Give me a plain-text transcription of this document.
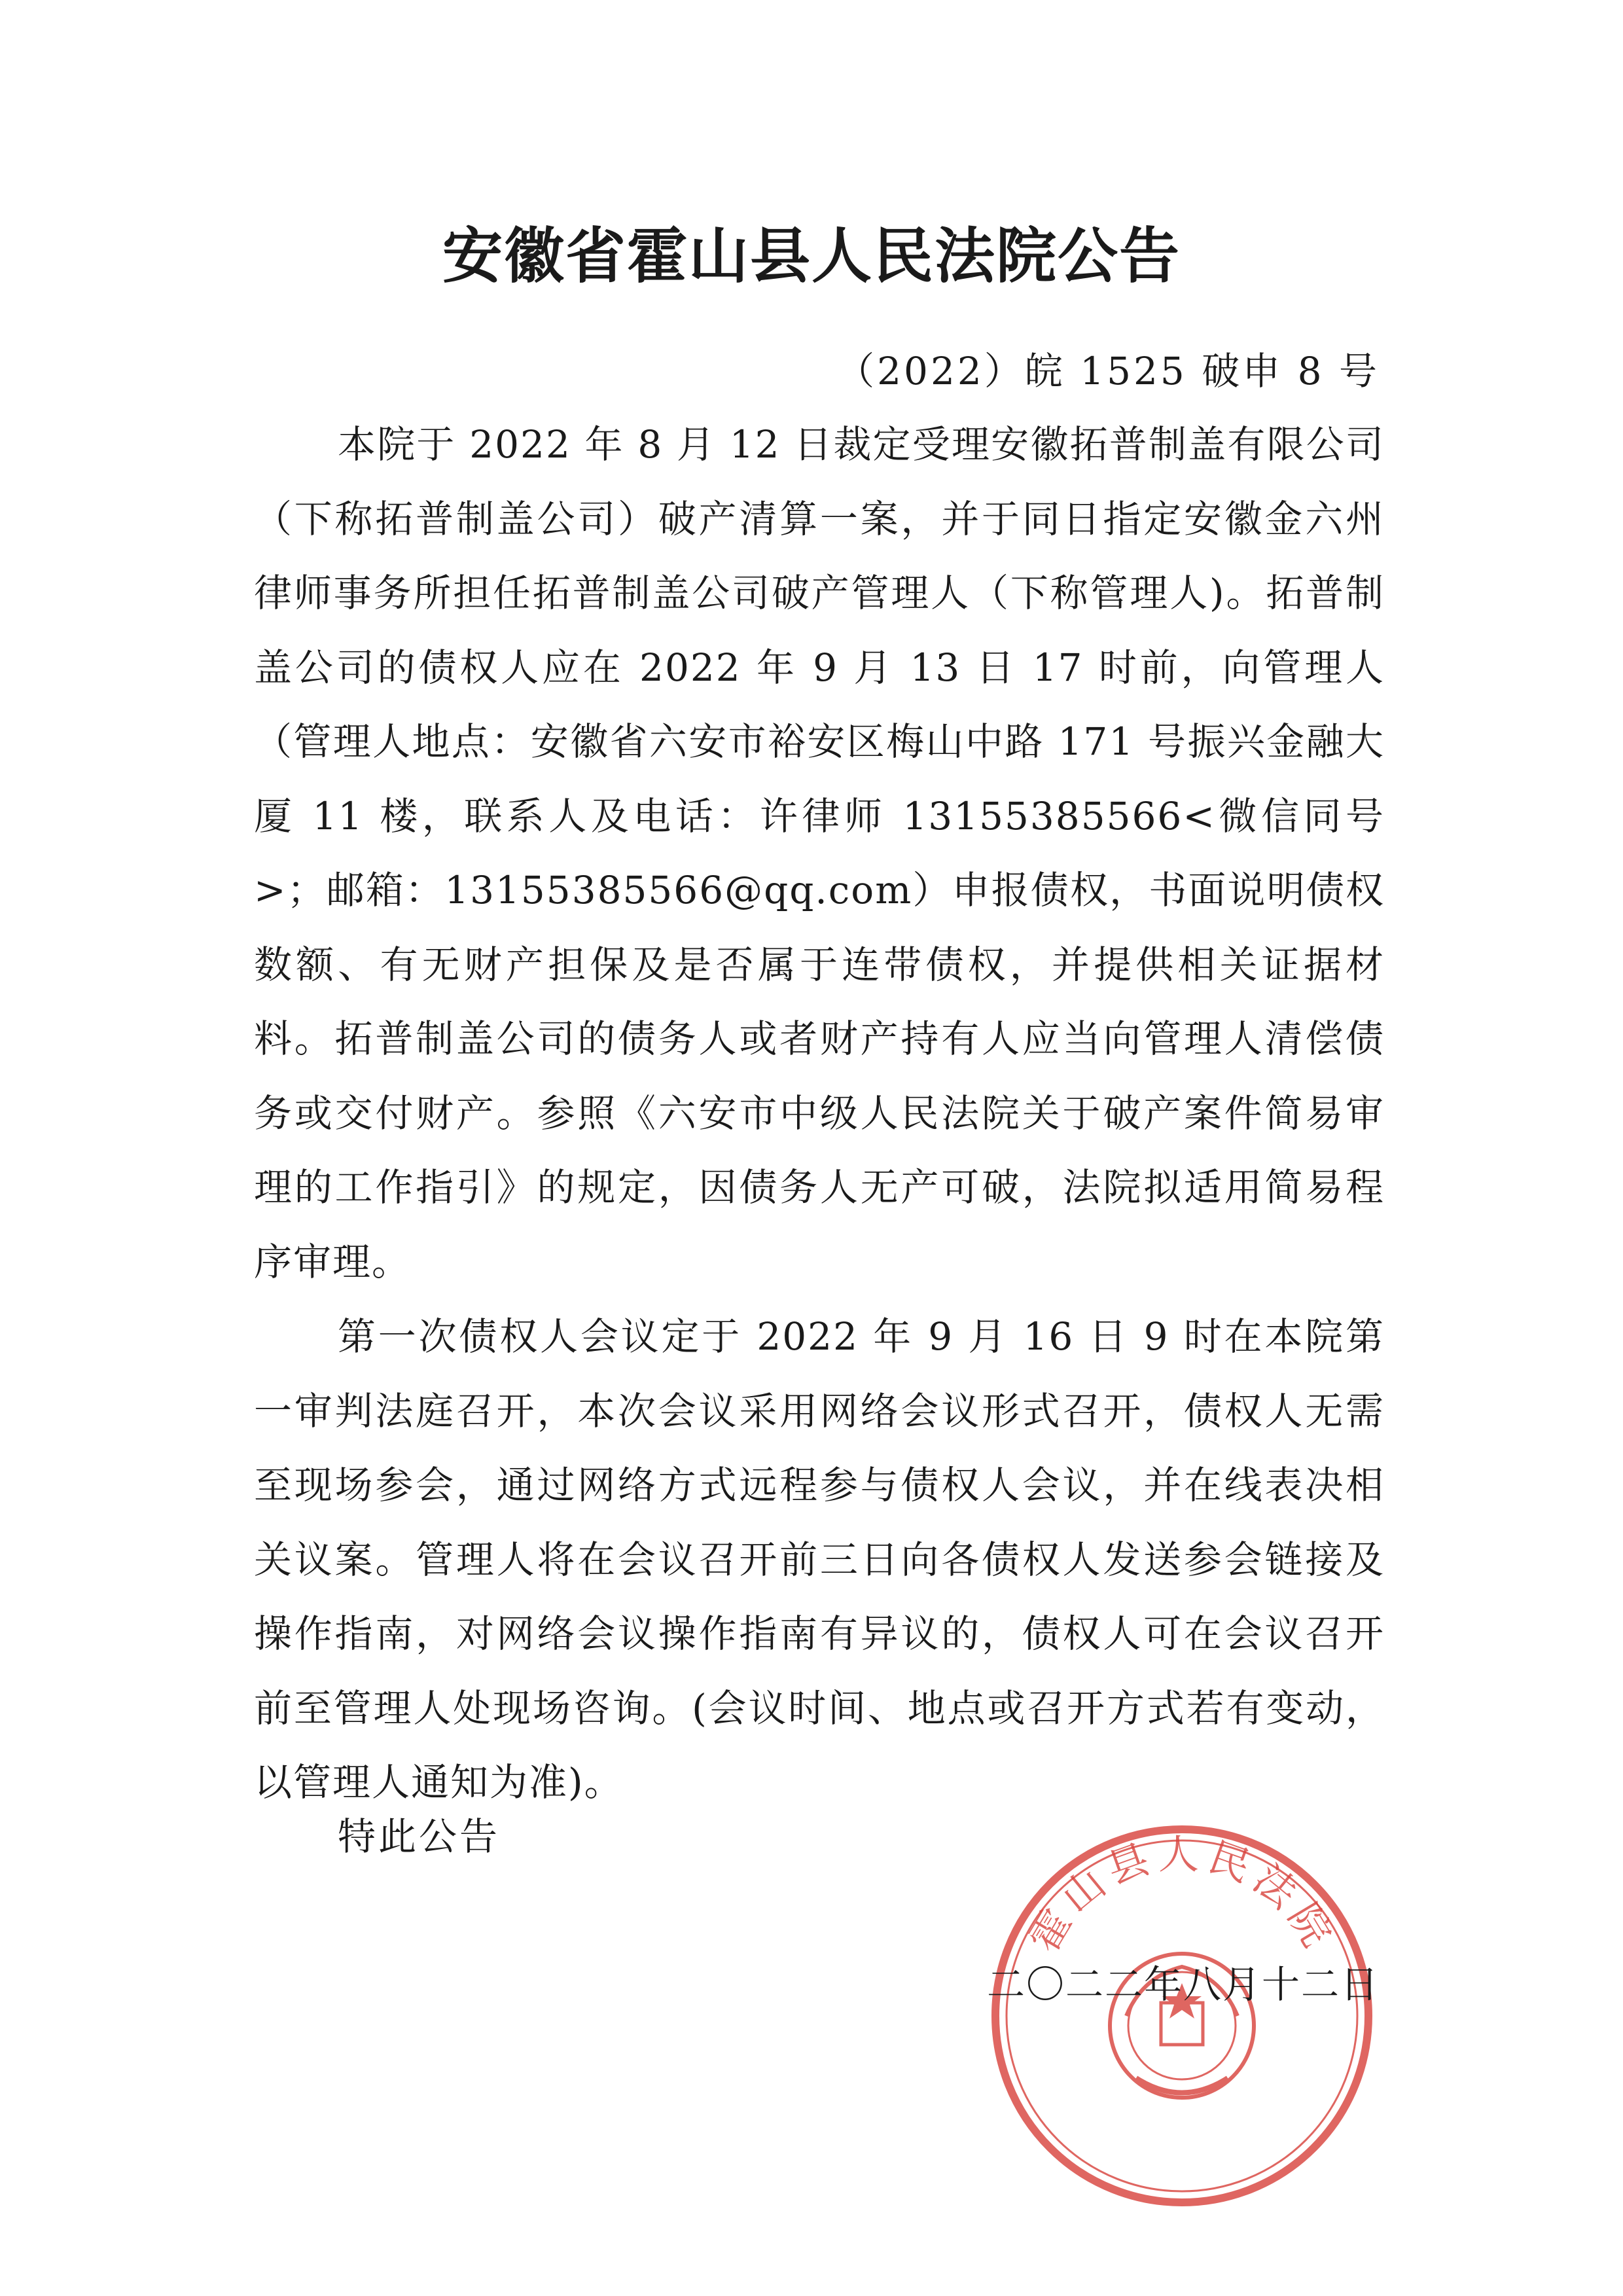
安徽省霍山县人民法院公告

（2022）皖 1525 破申 8 号

本院于 2022 年 8 月 12 日裁定受理安徽拓普制盖有限公司（下称拓普制盖公司）破产清算一案，并于同日指定安徽金六州律师事务所担任拓普制盖公司破产管理人（下称管理人)。拓普制盖公司的债权人应在 2022 年 9 月 13 日 17 时前，向管理人（管理人地点：安徽省六安市裕安区梅山中路 171 号振兴金融大厦 11 楼，联系人及电话：许律师 13155385566<微信同号>；邮箱：13155385566@qq.com）申报债权，书面说明债权数额、有无财产担保及是否属于连带债权，并提供相关证据材料。拓普制盖公司的债务人或者财产持有人应当向管理人清偿债务或交付财产。参照《六安市中级人民法院关于破产案件简易审理的工作指引》的规定，因债务人无产可破，法院拟适用简易程序审理。

第一次债权人会议定于 2022 年 9 月 16 日 9 时在本院第一审判法庭召开，本次会议采用网络会议形式召开，债权人无需至现场参会，通过网络方式远程参与债权人会议，并在线表决相关议案。管理人将在会议召开前三日向各债权人发送参会链接及操作指南，对网络会议操作指南有异议的，债权人可在会议召开前至管理人处现场咨询。(会议时间、地点或召开方式若有变动，以管理人通知为准)。

特此公告

霍山县人民法院

二〇二二年八月十二日
